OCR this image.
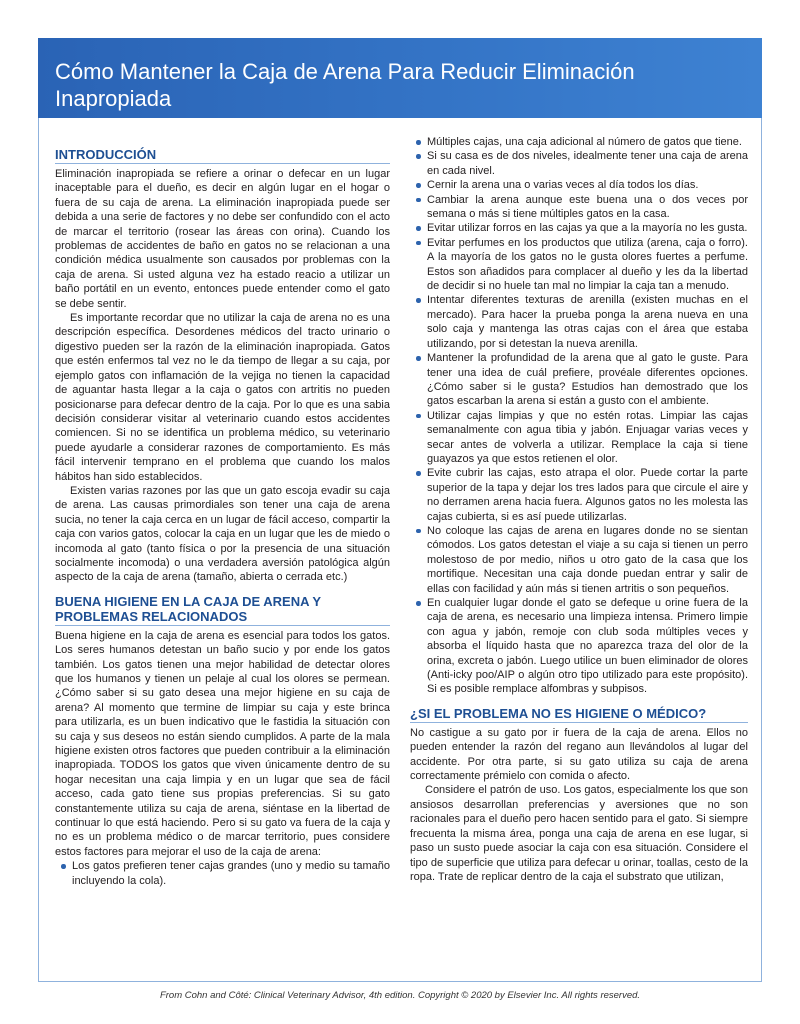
Cómo Mantener la Caja de Arena Para Reducir Eliminación Inapropiada
INTRODUCCIÓN

Eliminación inapropiada se refiere a orinar o defecar en un lugar inaceptable para el dueño, es decir en algún lugar en el hogar o fuera de su caja de arena. La eliminación inapropiada puede ser debida a una serie de factores y no debe ser confundido con el acto de marcar el territorio (rosear las áreas con orina). Cuando los problemas de accidentes de baño en gatos no se relacionan a una condición médica usualmente son causados por problemas con la caja de arena. Si usted alguna vez ha estado reacio a utilizar un baño portátil en un evento, entonces puede entender como el gato se debe sentir.

Es importante recordar que no utilizar la caja de arena no es una descripción específica. Desordenes médicos del tracto urinario o digestivo pueden ser la razón de la eliminación inapropiada. Gatos que estén enfermos tal vez no le da tiempo de llegar a su caja, por ejemplo gatos con inflamación de la vejiga no tienen la capacidad de aguantar hasta llegar a la caja o gatos con artritis no pueden posicionarse para defecar dentro de la caja. Por lo que es una sabia decisión considerar visitar al veterinario cuando estos accidentes comiencen. Si no se identifica un problema médico, su veterinario puede ayudarle a considerar razones de comportamiento. Es más fácil intervenir temprano en el problema que cuando los malos hábitos han sido establecidos.

Existen varias razones por las que un gato escoja evadir su caja de arena. Las causas primordiales son tener una caja de arena sucia, no tener la caja cerca en un lugar de fácil acceso, compartir la caja con varios gatos, colocar la caja en un lugar que les de miedo o incomoda al gato (tanto física o por la presencia de una situación socialmente incomoda) o una verdadera aversión patológica algún aspecto de la caja de arena (tamaño, abierta o cerrada etc.)

BUENA HIGIENE EN LA CAJA DE ARENA Y PROBLEMAS RELACIONADOS

Buena higiene en la caja de arena es esencial para todos los gatos. Los seres humanos detestan un baño sucio y por ende los gatos también. Los gatos tienen una mejor habilidad de detectar olores que los humanos y tienen un pelaje al cual los olores se permean. ¿Cómo saber si su gato desea una mejor higiene en su caja de arena? Al momento que termine de limpiar su caja y este brinca para utilizarla, es un buen indicativo que le fastidia la situación con su caja y sus deseos no están siendo cumplidos. A parte de la mala higiene existen otros factores que pueden contribuir a la eliminación inapropiada. TODOS los gatos que viven únicamente dentro de su hogar necesitan una caja limpia y en un lugar que sea de fácil acceso, cada gato tiene sus propias preferencias. Si su gato constantemente utiliza su caja de arena, siéntase en la libertad de continuar lo que está haciendo. Pero si su gato va fuera de la caja y no es un problema médico o de marcar territorio, pues considere estos factores para mejorar el uso de la caja de arena:

Los gatos prefieren tener cajas grandes (uno y medio su tamaño incluyendo la cola).
Múltiples cajas, una caja adicional al número de gatos que tiene.
Si su casa es de dos niveles, idealmente tener una caja de arena en cada nivel.
Cernir la arena una o varias veces al día todos los días.
Cambiar la arena aunque este buena una o dos veces por semana o más si tiene múltiples gatos en la casa.
Evitar utilizar forros en las cajas ya que a la mayoría no les gusta.
Evitar perfumes en los productos que utiliza (arena, caja o forro). A la mayoría de los gatos no le gusta olores fuertes a perfume. Estos son añadidos para complacer al dueño y les da la libertad de decidir si no huele tan mal no limpiar la caja tan a menudo.
Intentar diferentes texturas de arenilla (existen muchas en el mercado). Para hacer la prueba ponga la arena nueva en una solo caja y mantenga las otras cajas con el área que estaba utilizando, por si detestan la nueva arenilla.
Mantener la profundidad de la arena que al gato le guste. Para tener una idea de cuál prefiere, provéale diferentes opciones. ¿Cómo saber si le gusta? Estudios han demostrado que los gatos escarban la arena si están a gusto con el ambiente.
Utilizar cajas limpias y que no estén rotas. Limpiar las cajas semanalmente con agua tibia y jabón. Enjuagar varias veces y secar antes de volverla a utilizar. Remplace la caja si tiene guayazos ya que estos retienen el olor.
Evite cubrir las cajas, esto atrapa el olor. Puede cortar la parte superior de la tapa y dejar los tres lados para que circule el aire y no derramen arena hacia fuera. Algunos gatos no les molesta las cajas cubierta, si es así puede utilizarlas.
No coloque las cajas de arena en lugares donde no se sientan cómodos. Los gatos detestan el viaje a su caja si tienen un perro molestoso de por medio, niños u otro gato de la casa que los mortifique. Necesitan una caja donde puedan entrar y salir de ellas con facilidad y aún más si tienen artritis o son pequeños.
En cualquier lugar donde el gato se defeque u orine fuera de la caja de arena, es necesario una limpieza intensa. Primero limpie con agua y jabón, remoje con club soda múltiples veces y absorba el líquido hasta que no aparezca traza del olor de la orina, excreta o jabón. Luego utilice un buen eliminador de olores (Anti-icky poo/AIP o algún otro tipo utilizado para este propósito). Si es posible remplace alfombras y subpisos.
¿SI EL PROBLEMA NO ES HIGIENE O MÉDICO?

No castigue a su gato por ir fuera de la caja de arena. Ellos no pueden entender la razón del regano aun llevándolos al lugar del accidente. Por otra parte, si su gato utiliza su caja de arena correctamente prémielo con comida o afecto.

Considere el patrón de uso. Los gatos, especialmente los que son ansiosos desarrollan preferencias y aversiones que no son racionales para el dueño pero hacen sentido para el gato. Si siempre frecuenta la misma área, ponga una caja de arena en ese lugar, si paso un susto puede asociar la caja con esa situación. Considere el tipo de superficie que utiliza para defecar u orinar, toallas, cesto de la ropa. Trate de replicar dentro de la caja el substrato que utilizan,

From Cohn and Côté: Clinical Veterinary Advisor, 4th edition. Copyright © 2020 by Elsevier Inc. All rights reserved.
